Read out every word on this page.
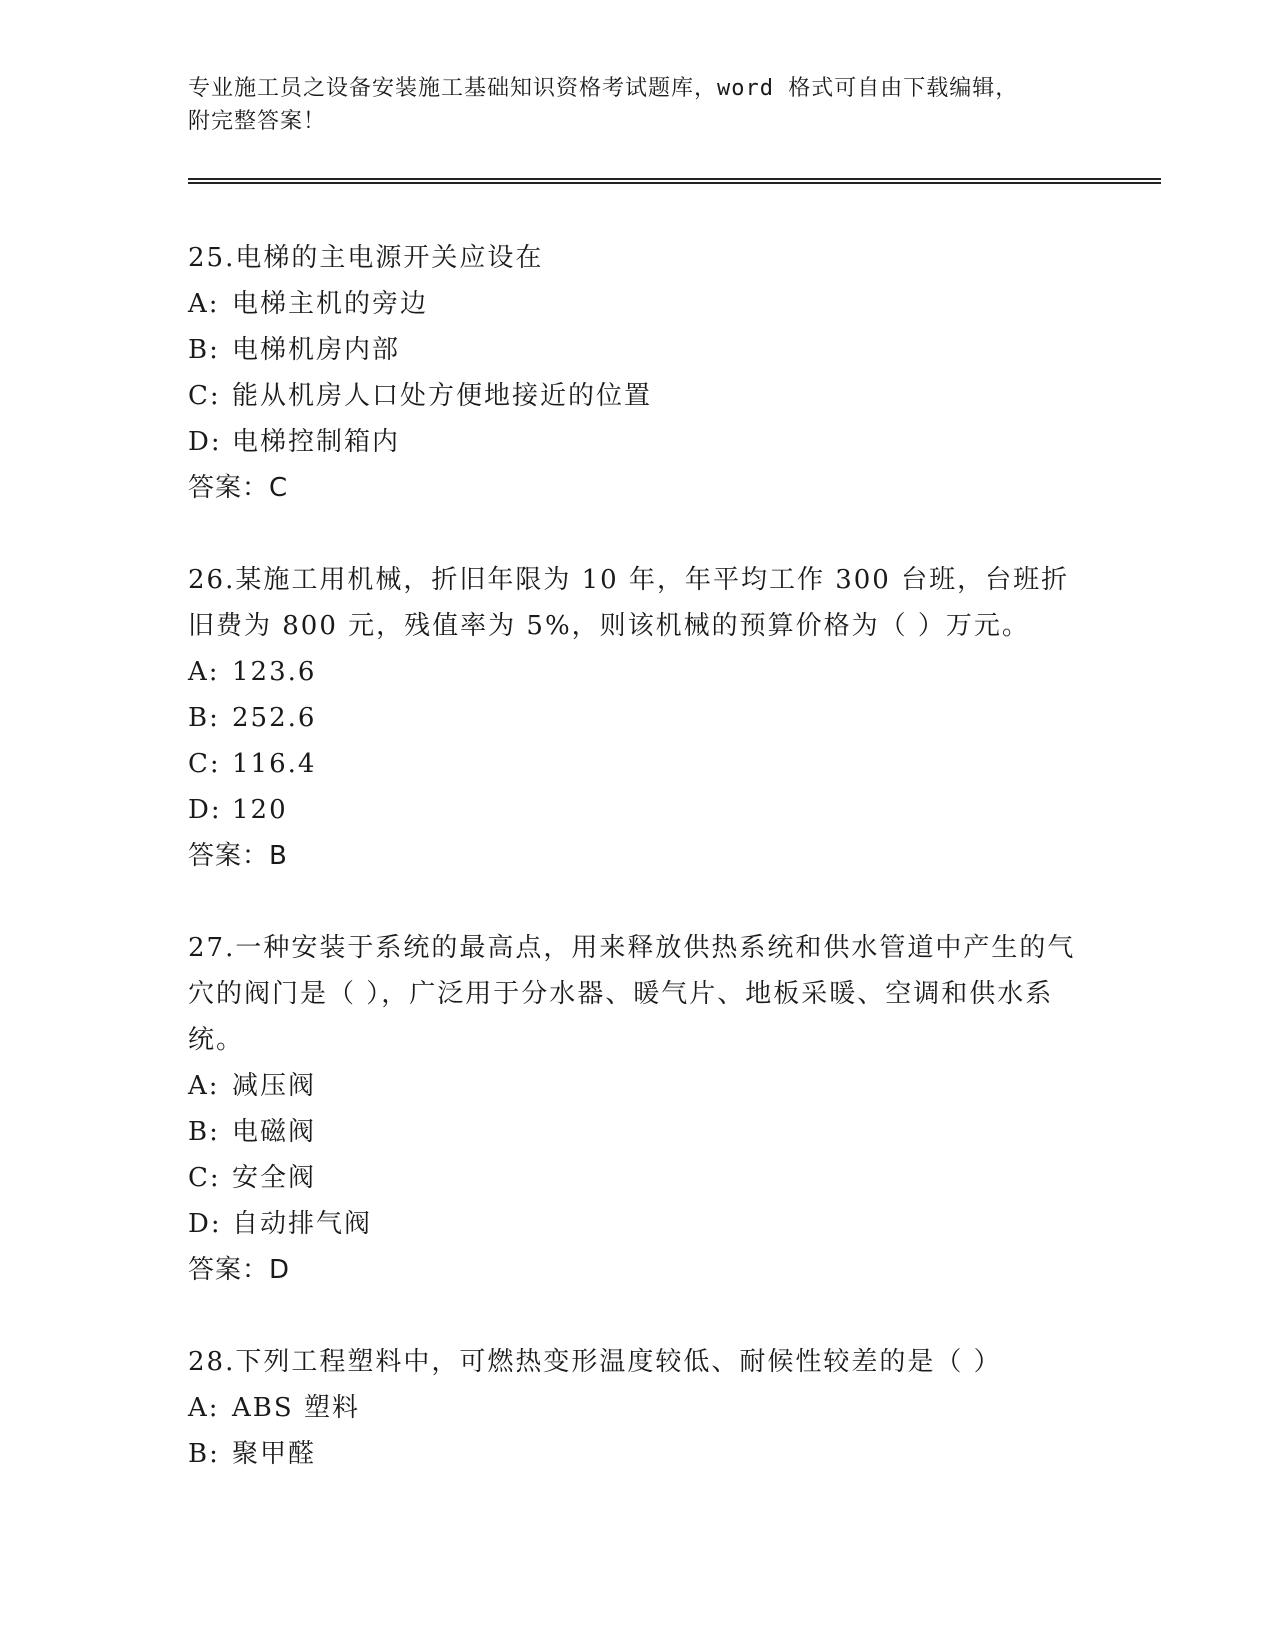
专业施工员之设备安装施工基础知识资格考试题库，word 格式可自由下载编辑，
附完整答案！
25.电梯的主电源开关应设在
A: 电梯主机的旁边
B: 电梯机房内部
C: 能从机房人口处方便地接近的位置
D: 电梯控制箱内
答案：C
26.某施工用机械，折旧年限为 10 年，年平均工作 300 台班，台班折旧费为 800 元，残值率为 5%，则该机械的预算价格为（ ）万元。
A: 123.6
B: 252.6
C: 116.4
D: 120
答案：B
27.一种安装于系统的最高点，用来释放供热系统和供水管道中产生的气穴的阀门是（ ），广泛用于分水器、暖气片、地板采暖、空调和供水系统。
A: 减压阀
B: 电磁阀
C: 安全阀
D: 自动排气阀
答案：D
28.下列工程塑料中，可燃热变形温度较低、耐候性较差的是（ ）
A: ABS 塑料
B: 聚甲醛
